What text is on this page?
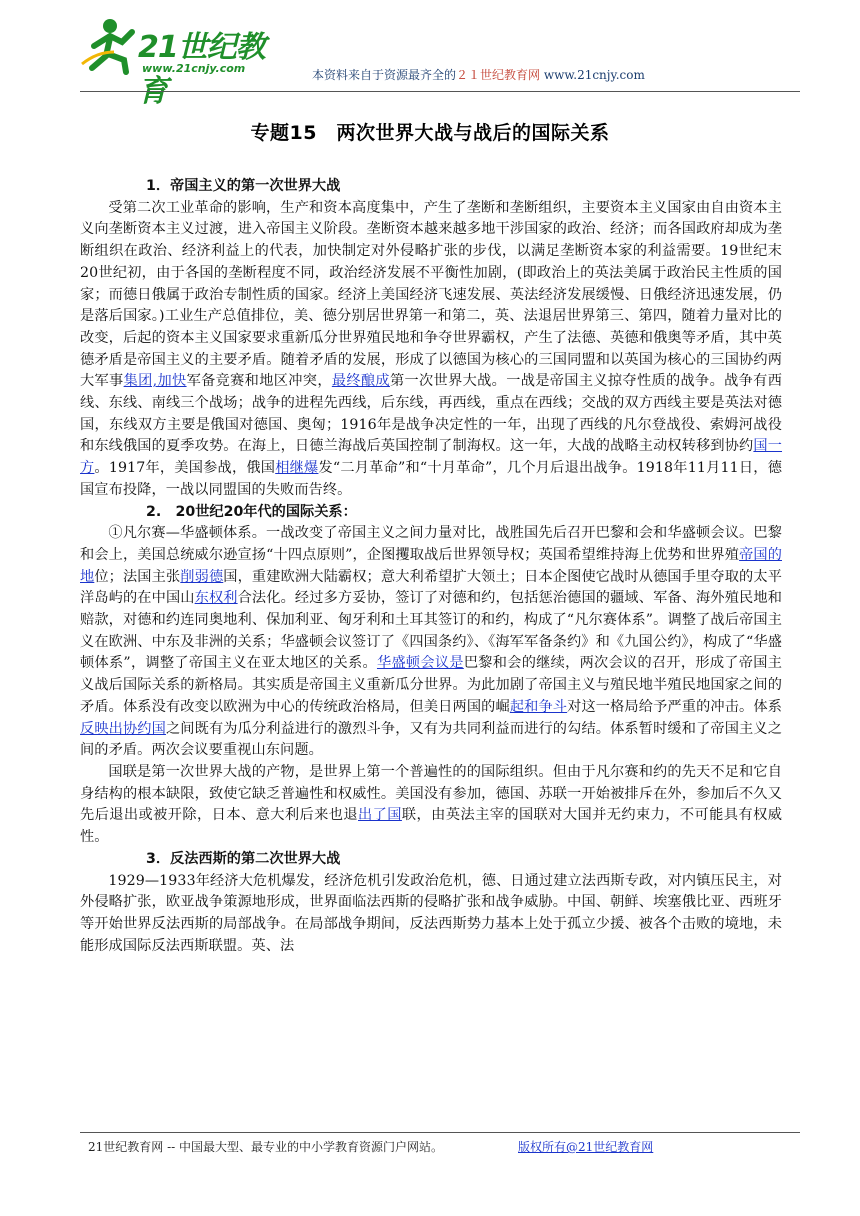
21世纪教育
www.21cnjy.com	本资料来自于资源最齐全的２１世纪教育网 www.21cnjy.com
专题15　两次世界大战与战后的国际关系
1．帝国主义的第一次世界大战

受第二次工业革命的影响，生产和资本高度集中，产生了垄断和垄断组织，主要资本主义国家由自由资本主义向垄断资本主义过渡，进入帝国主义阶段。垄断资本越来越多地干涉国家的政治、经济；而各国政府却成为垄断组织在政治、经济利益上的代表，加快制定对外侵略扩张的步伐，以满足垄断资本家的利益需要。19世纪末20世纪初，由于各国的垄断程度不同，政治经济发展不平衡性加剧，(即政治上的英法美属于政治民主性质的国家；而德日俄属于政治专制性质的国家。经济上美国经济飞速发展、英法经济发展缓慢、日俄经济迅速发展，仍是落后国家。)工业生产总值排位，美、德分别居世界第一和第二，英、法退居世界第三、第四，随着力量对比的改变，后起的资本主义国家要求重新瓜分世界殖民地和争夺世界霸权，产生了法德、英德和俄奥等矛盾，其中英德矛盾是帝国主义的主要矛盾。随着矛盾的发展，形成了以德国为核心的三国同盟和以英国为核心的三国协约两大军事集团,加快军备竞赛和地区冲突，最终酿成第一次世界大战。一战是帝国主义掠夺性质的战争。战争有西线、东线、南线三个战场；战争的进程先西线，后东线，再西线，重点在西线；交战的双方西线主要是英法对德国，东线双方主要是俄国对德国、奥匈；1916年是战争决定性的一年，出现了西线的凡尔登战役、索姆河战役和东线俄国的夏季攻势。在海上，日德兰海战后英国控制了制海权。这一年，大战的战略主动权转移到协约国一方。1917年，美国参战，俄国相继爆发“二月革命”和“十月革命”，几个月后退出战争。1918年11月11日，德国宣布投降，一战以同盟国的失败而告终。

2.　20世纪20年代的国际关系：

①凡尔赛—华盛顿体系。一战改变了帝国主义之间力量对比，战胜国先后召开巴黎和会和华盛顿会议。巴黎和会上，美国总统威尔逊宣扬“十四点原则”，企图攫取战后世界领导权；英国希望维持海上优势和世界殖帝国的地位；法国主张削弱德国，重建欧洲大陆霸权；意大利希望扩大领土；日本企图使它战时从德国手里夺取的太平洋岛屿的在中国山东权利合法化。经过多方妥协，签订了对德和约，包括惩治德国的疆域、军备、海外殖民地和赔款，对德和约连同奥地利、保加利亚、匈牙利和土耳其签订的和约，构成了“凡尔赛体系”。调整了战后帝国主义在欧洲、中东及非洲的关系；华盛顿会议签订了《四国条约》、《海军军备条约》和《九国公约》，构成了“华盛顿体系”，调整了帝国主义在亚太地区的关系。华盛顿会议是巴黎和会的继续，两次会议的召开，形成了帝国主义战后国际关系的新格局。其实质是帝国主义重新瓜分世界。为此加剧了帝国主义与殖民地半殖民地国家之间的矛盾。体系没有改变以欧洲为中心的传统政治格局，但美日两国的崛起和争斗对这一格局给予严重的冲击。体系反映出协约国之间既有为瓜分利益进行的激烈斗争，又有为共同利益而进行的勾结。体系暂时缓和了帝国主义之间的矛盾。两次会议要重视山东问题。

国联是第一次世界大战的产物，是世界上第一个普遍性的的国际组织。但由于凡尔赛和约的先天不足和它自身结构的根本缺限，致使它缺乏普遍性和权威性。美国没有参加，德国、苏联一开始被排斥在外，参加后不久又先后退出或被开除，日本、意大利后来也退出了国联，由英法主宰的国联对大国并无约束力，不可能具有权威性。

3．反法西斯的第二次世界大战

1929—1933年经济大危机爆发，经济危机引发政治危机，德、日通过建立法西斯专政，对内镇压民主，对外侵略扩张，欧亚战争策源地形成，世界面临法西斯的侵略扩张和战争威胁。中国、朝鲜、埃塞俄比亚、西班牙等开始世界反法西斯的局部战争。在局部战争期间，反法西斯势力基本上处于孤立少援、被各个击败的境地，未能形成国际反法西斯联盟。英、法

21世纪教育网 -- 中国最大型、最专业的中小学教育资源门户网站。	版权所有@21世纪教育网
